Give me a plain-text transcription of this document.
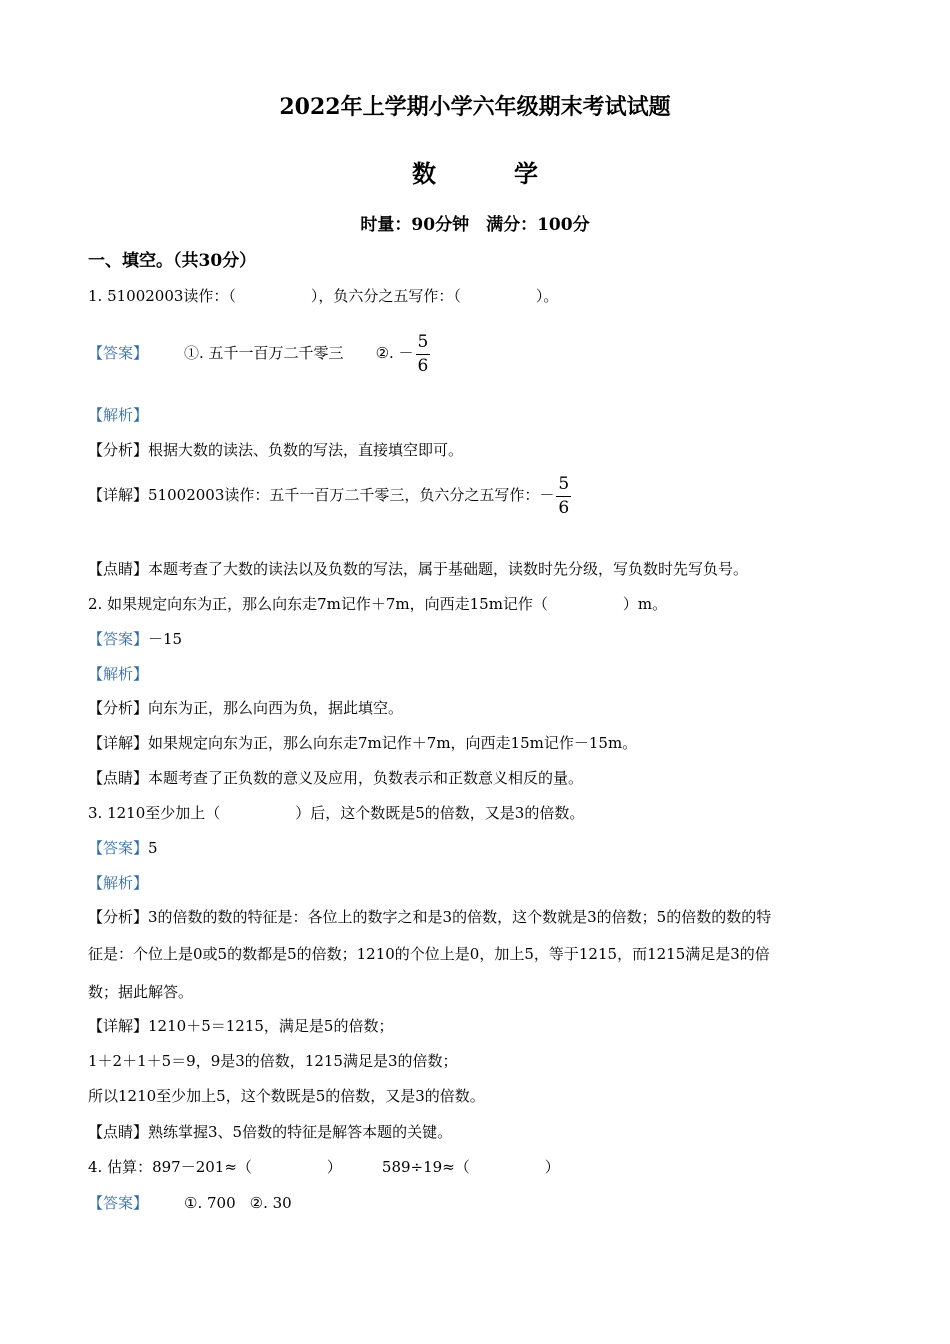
2022年上学期小学六年级期末考试试题
数	学
时量：90分钟　满分：100分
一、填空。（共30分）
1. 51002003读作：（　　　　　），负六分之五写作：（　　　　　）。
【答案】 ①. 五千一百万二千零三 ②. － $\frac{5}{6}$
【解析】
【分析】根据大数的读法、负数的写法，直接填空即可。
【详解】51002003读作：五千一百万二千零三，负六分之五写作：－ $\frac{5}{6}$
【点睛】本题考查了大数的读法以及负数的写法，属于基础题，读数时先分级，写负数时先写负号。
2. 如果规定向东为正，那么向东走7m记作＋7m，向西走15m记作（　　　　　）m。
【答案】－15
【解析】
【分析】向东为正，那么向西为负，据此填空。
【详解】如果规定向东为正，那么向东走7m记作＋7m，向西走15m记作－15m。
【点睛】本题考查了正负数的意义及应用，负数表示和正数意义相反的量。
3. 1210至少加上（　　　　　）后，这个数既是5的倍数，又是3的倍数。
【答案】5
【解析】
【分析】3的倍数的数的特征是：各位上的数字之和是3的倍数，这个数就是3的倍数；5的倍数的数的特
征是：个位上是0或5的数都是5的倍数；1210的个位上是0，加上5，等于1215，而1215满足是3的倍
数；据此解答。
【详解】1210＋5＝1215，满足是5的倍数；
1＋2＋1＋5＝9，9是3的倍数，1215满足是3的倍数；
所以1210至少加上5，这个数既是5的倍数，又是3的倍数。
【点睛】熟练掌握3、5倍数的特征是解答本题的关键。
4. 估算：897－201≈（　　　　　）	589÷19≈（　　　　　）
【答案】 ①. 700 ②. 30
